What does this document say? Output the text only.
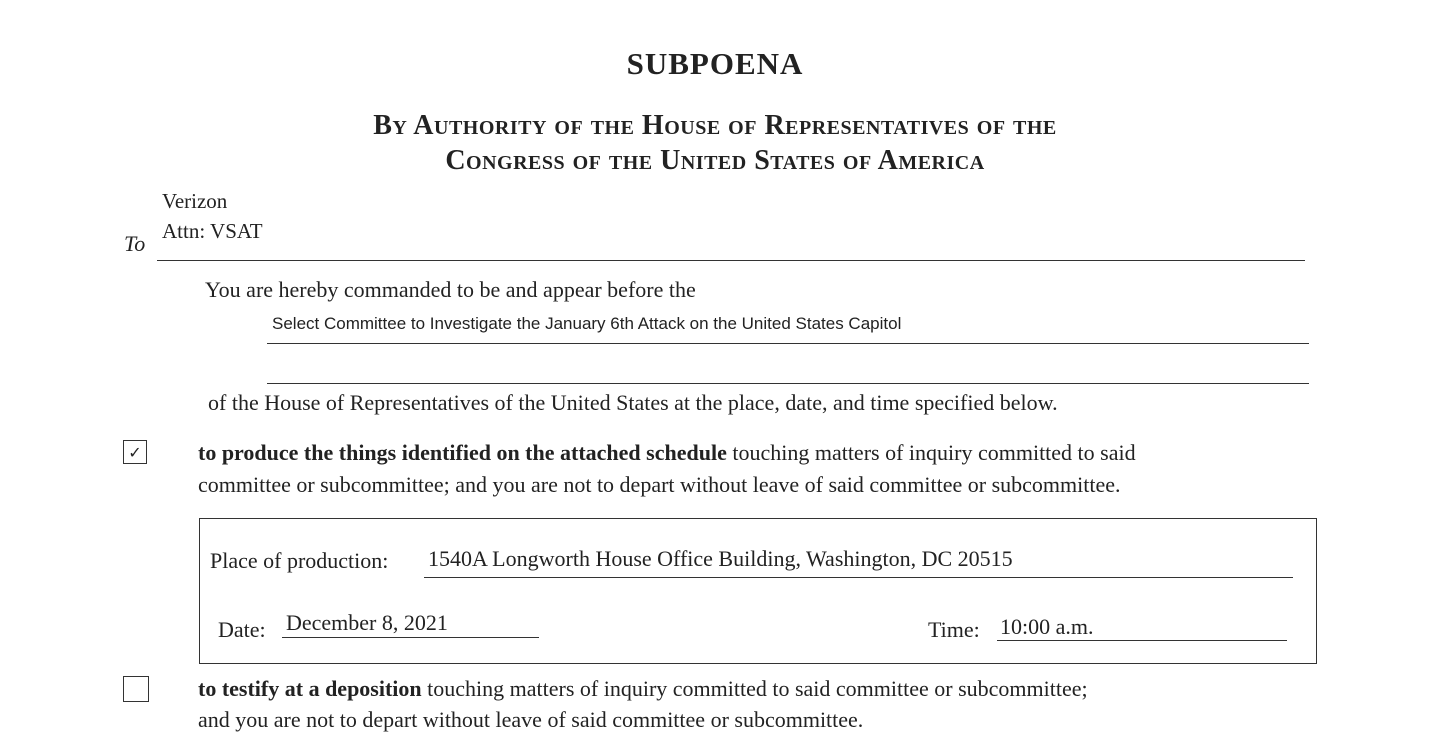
SUBPOENA
By Authority of the House of Representatives of the
Congress of the United States of America
Verizon
Attn: VSAT
To
You are hereby commanded to be and appear before the
Select Committee to Investigate the January 6th Attack on the United States Capitol
of the House of Representatives of the United States at the place, date, and time specified below.
✓	to produce the things identified on the attached schedule touching matters of inquiry committed to said
committee or subcommittee; and you are not to depart without leave of said committee or subcommittee.
Place of production: 1540A Longworth House Office Building, Washington, DC 20515
Date: December 8, 2021	Time: 10:00 a.m.
to testify at a deposition touching matters of inquiry committed to said committee or subcommittee;
and you are not to depart without leave of said committee or subcommittee.
